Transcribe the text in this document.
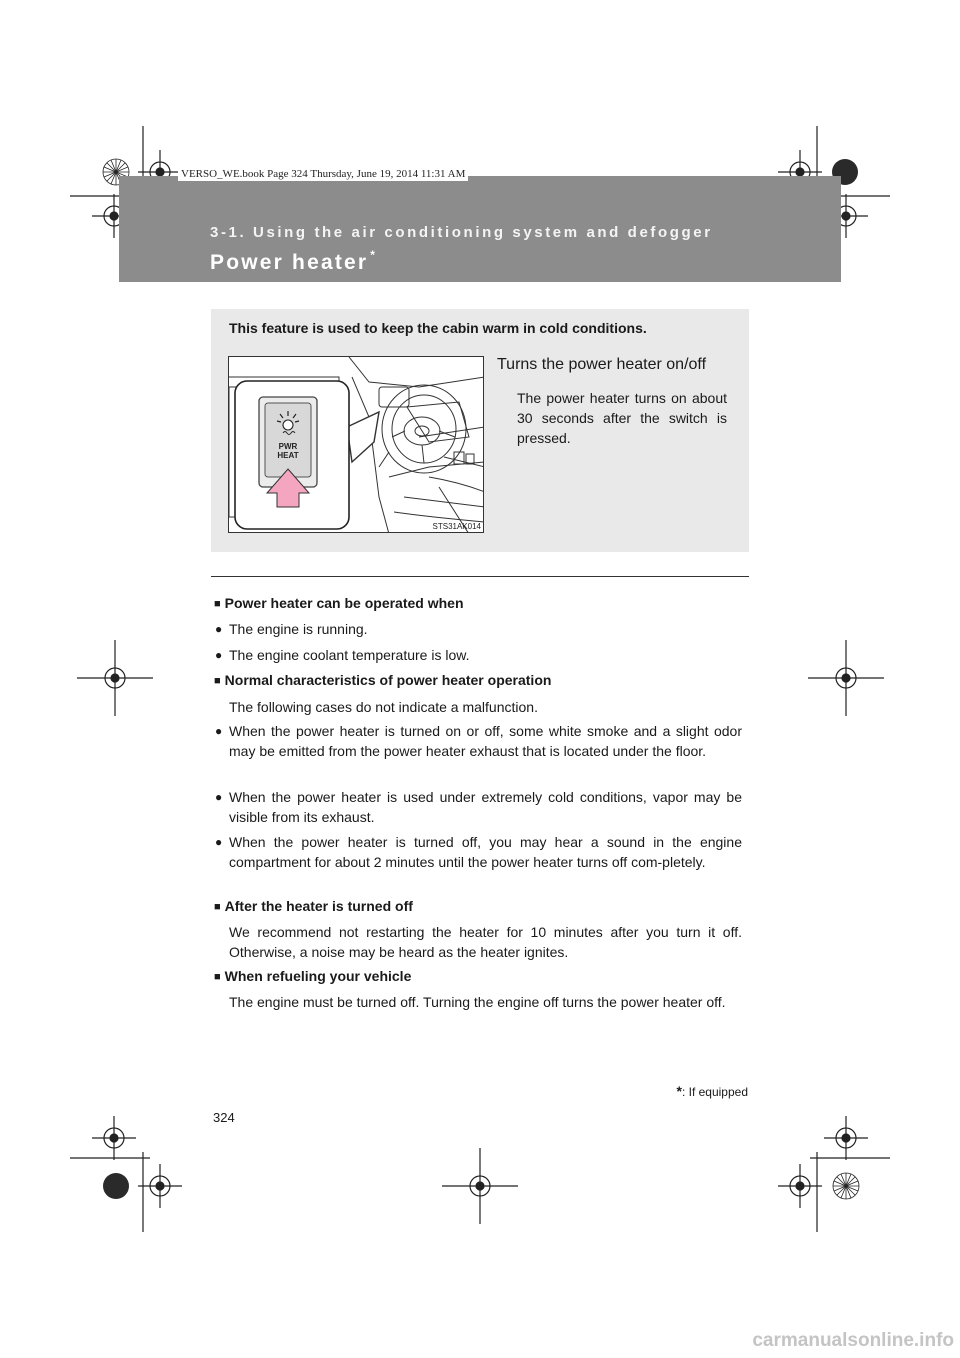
VERSO_WE.book Page 324 Thursday, June 19, 2014 11:31 AM
3-1. Using the air conditioning system and defogger
Power heater *
This feature is used to keep the cabin warm in cold conditions.
PWR
HEAT
STS31AK014
Turns the power heater on/off
The power heater turns on about 30 seconds after the switch is pressed.
■ Power heater can be operated when
● The engine is running.
● The engine coolant temperature is low.
■ Normal characteristics of power heater operation
The following cases do not indicate a malfunction.
● When the power heater is turned on or off, some white smoke and a slight odor may be emitted from the power heater exhaust that is located under the floor.
● When the power heater is used under extremely cold conditions, vapor may be visible from its exhaust.
● When the power heater is turned off, you may hear a sound in the engine compartment for about 2 minutes until the power heater turns off com-pletely.
■ After the heater is turned off
We recommend not restarting the heater for 10 minutes after you turn it off. Otherwise, a noise may be heard as the heater ignites.
■ When refueling your vehicle
The engine must be turned off. Turning the engine off turns the power heater off.
*: If equipped
324
carmanualsonline.info
